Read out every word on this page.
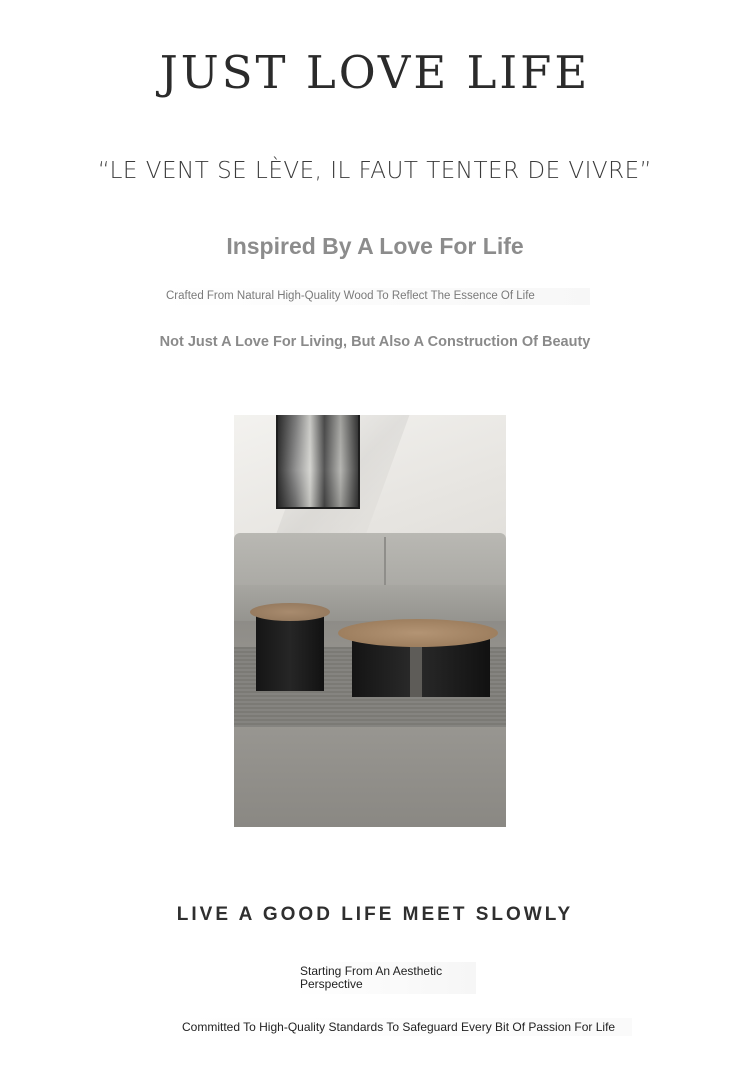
JUST LOVE LIFE
“LE VENT SE LÈVE, IL FAUT TENTER DE VIVRE”
Inspired By A Love For Life
Crafted From Natural High-Quality Wood To Reflect The Essence Of Life
Not Just A Love For Living, But Also A Construction Of Beauty
LIVE A GOOD LIFE MEET SLOWLY
Starting From An Aesthetic Perspective
Committed To High-Quality Standards To Safeguard Every Bit Of Passion For Life
